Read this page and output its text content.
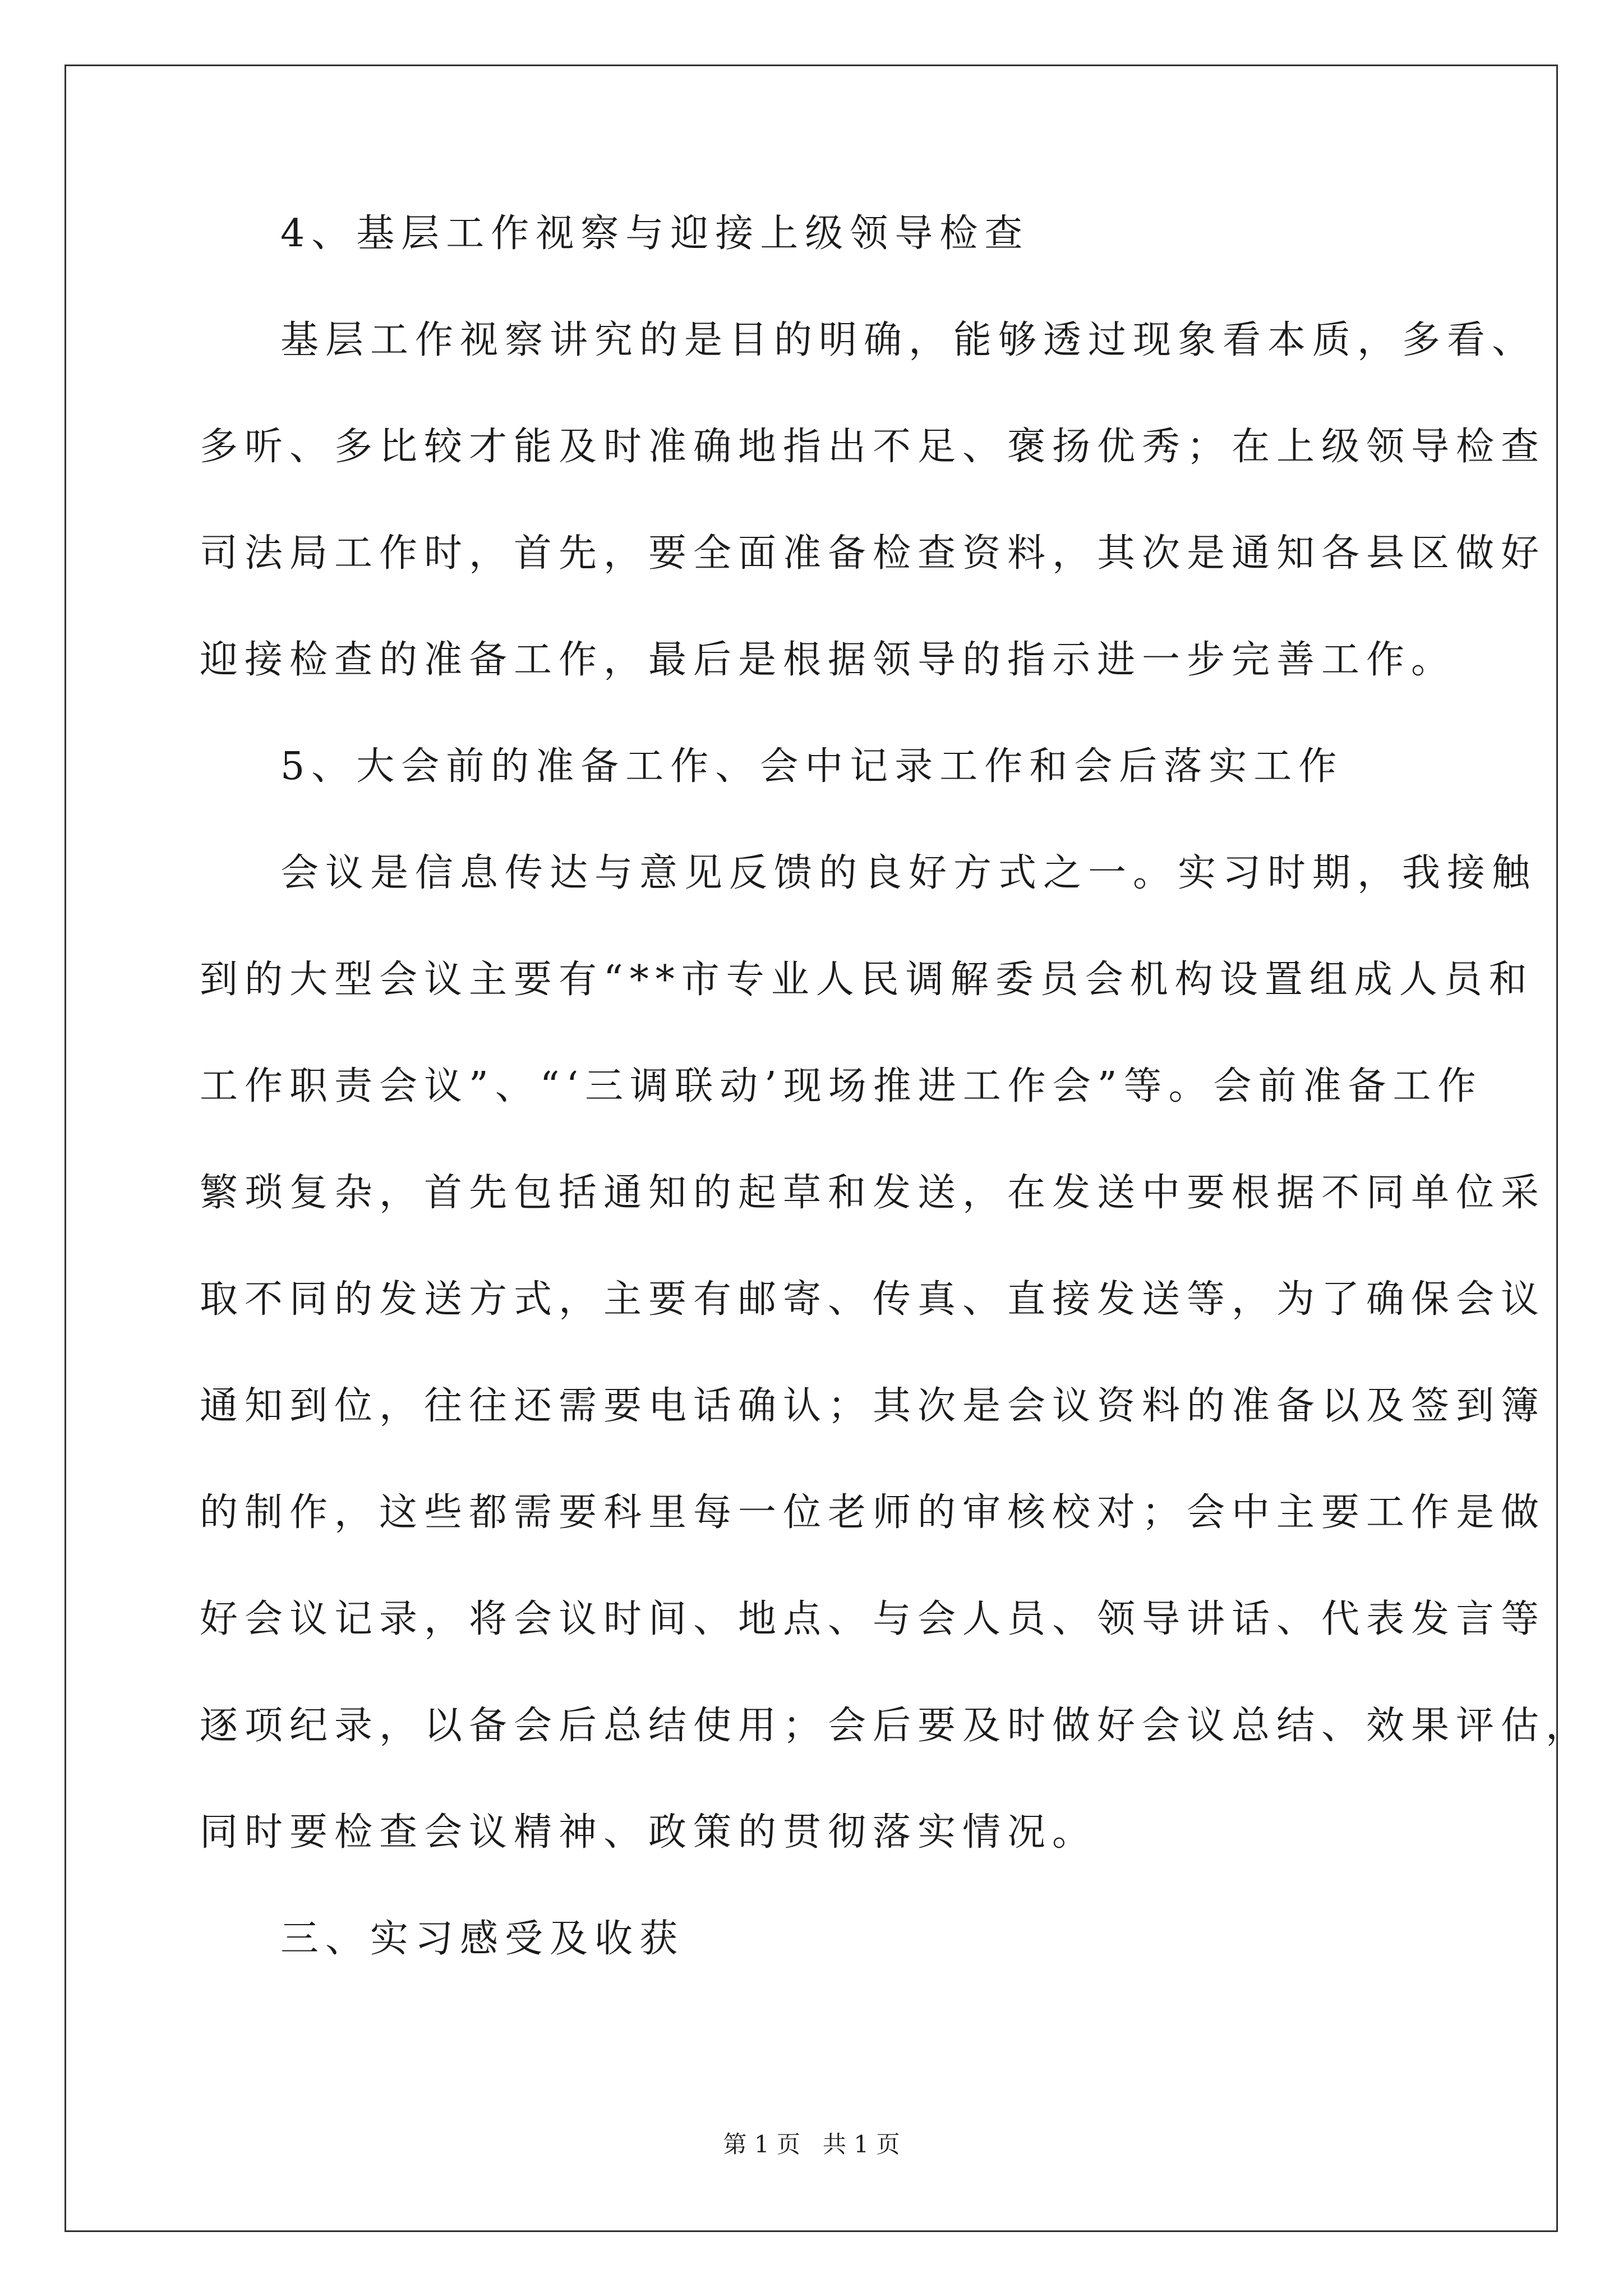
4、基层工作视察与迎接上级领导检查

基层工作视察讲究的是目的明确，能够透过现象看本质，多看、

多听、多比较才能及时准确地指出不足、褒扬优秀；在上级领导检查

司法局工作时，首先，要全面准备检查资料，其次是通知各县区做好

迎接检查的准备工作，最后是根据领导的指示进一步完善工作。

5、大会前的准备工作、会中记录工作和会后落实工作

会议是信息传达与意见反馈的良好方式之一。实习时期，我接触

到的大型会议主要有“**市专业人民调解委员会机构设置组成人员和

工作职责会议”、“‘三调联动’现场推进工作会”等。会前准备工作

繁琐复杂，首先包括通知的起草和发送，在发送中要根据不同单位采

取不同的发送方式，主要有邮寄、传真、直接发送等，为了确保会议

通知到位，往往还需要电话确认；其次是会议资料的准备以及签到簿

的制作，这些都需要科里每一位老师的审核校对；会中主要工作是做

好会议记录，将会议时间、地点、与会人员、领导讲话、代表发言等

逐项纪录，以备会后总结使用；会后要及时做好会议总结、效果评估，

同时要检查会议精神、政策的贯彻落实情况。

三、实习感受及收获

第 1 页   共 1 页
